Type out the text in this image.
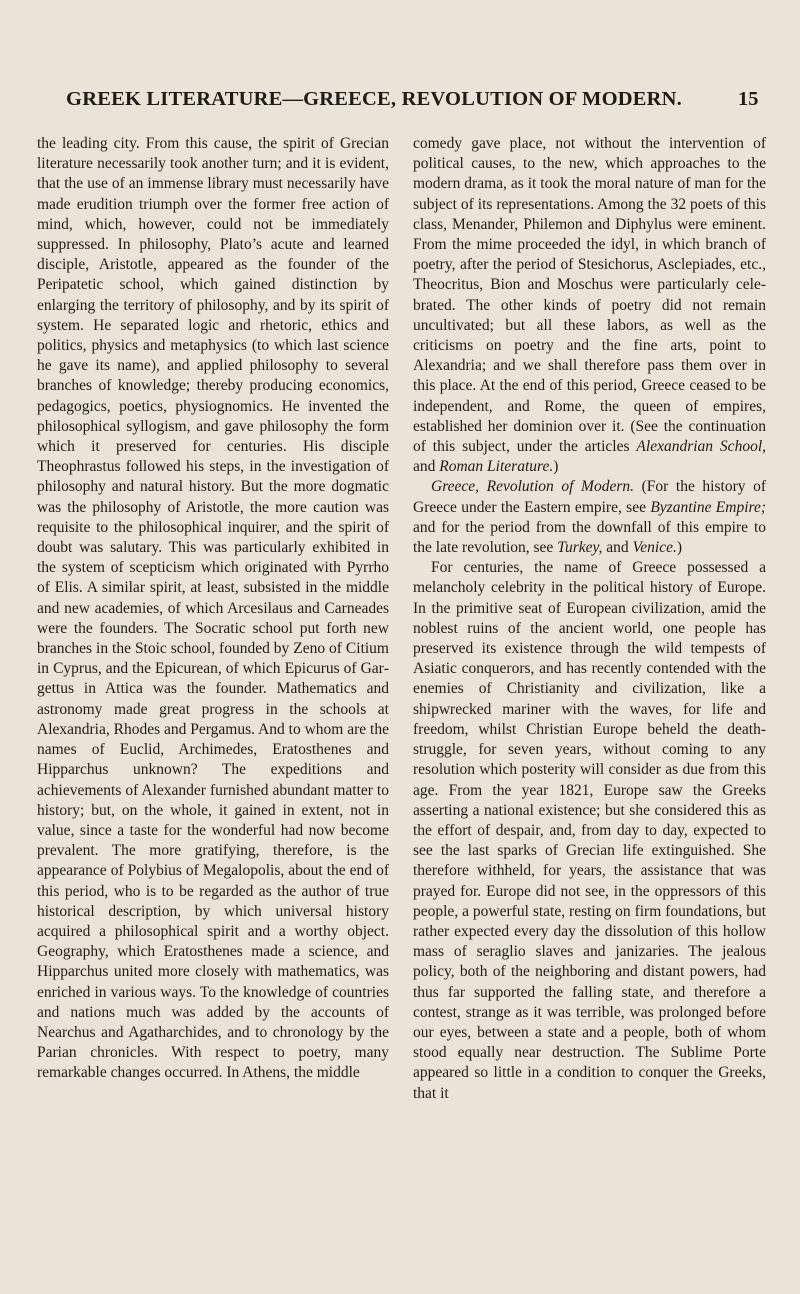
GREEK LITERATURE—GREECE, REVOLUTION OF MODERN.	15

the leading city. From this cause, the spirit of Grecian literature necessarily took another turn; and it is evident, that the use of an immense library must necessarily have made erudition triumph over the former free action of mind, which, however, could not be immediately suppressed. In philosophy, Plato’s acute and learned disciple, Aristotle, appeared as the founder of the Peripatetic school, which gained distinction by enlarging the territory of philosophy, and by its spirit of system. He separated logic and rhetoric, ethics and politics, physics and metaphysics (to which last science he gave its name), and applied philosophy to several branches of knowledge; thereby producing economics, pedagogics, poetics, physiognomics. He invented the philosophical syllogism, and gave philosophy the form which it preserved for centuries. His disciple Theophrastus followed his steps, in the investigation of philosophy and natural history. But the more dogmatic was the philosophy of Aristotle, the more caution was requisite to the philosophical inquirer, and the spirit of doubt was salutary. This was particularly exhibited in the system of scepticism which originated with Pyrrho of Elis. A similar spirit, at least, subsisted in the middle and new academies, of which Arcesilaus and Carneades were the founders. The Socratic school put forth new branches in the Stoic school, founded by Zeno of Citium in Cyprus, and the Epicurean, of which Epicurus of Gargettus in Attica was the founder. Mathematics and astronomy made great progress in the schools at Alexandria, Rhodes and Pergamus. And to whom are the names of Euclid, Archimedes, Eratosthenes and Hipparchus unknown? The expeditions and achievements of Alexander furnished abundant matter to history; but, on the whole, it gained in extent, not in value, since a taste for the wonderful had now become prevalent. The more gratifying, therefore, is the appearance of Polybius of Megalopolis, about the end of this period, who is to be regarded as the author of true historical description, by which universal history acquired a philosophical spirit and a worthy object. Geography, which Eratosthenes made a science, and Hipparchus united more closely with mathematics, was enriched in various ways. To the knowledge of countries and nations much was added by the accounts of Nearchus and Agatharchides, and to chronology by the Parian chronicles. With respect to poetry, many remarkable changes occurred. In Athens, the middle

comedy gave place, not without the intervention of political causes, to the new, which approaches to the modern drama, as it took the moral nature of man for the subject of its representations. Among the 32 poets of this class, Menander, Philemon and Diphylus were eminent. From the mime proceeded the idyl, in which branch of poetry, after the period of Stesichorus, Asclepiades, etc., Theocritus, Bion and Moschus were particularly celebrated. The other kinds of poetry did not remain uncultivated; but all these labors, as well as the criticisms on poetry and the fine arts, point to Alexandria; and we shall therefore pass them over in this place. At the end of this period, Greece ceased to be independent, and Rome, the queen of empires, established her dominion over it. (See the continuation of this subject, under the articles Alexandrian School, and Roman Literature.)

Greece, Revolution of Modern. (For the history of Greece under the Eastern empire, see Byzantine Empire; and for the period from the downfall of this empire to the late revolution, see Turkey, and Venice.)

For centuries, the name of Greece possessed a melancholy celebrity in the political history of Europe. In the primitive seat of European civilization, amid the noblest ruins of the ancient world, one people has preserved its existence through the wild tempests of Asiatic conquerors, and has recently contended with the enemies of Christianity and civilization, like a shipwrecked mariner with the waves, for life and freedom, whilst Christian Europe beheld the death-struggle, for seven years, without coming to any resolution which posterity will consider as due from this age. From the year 1821, Europe saw the Greeks asserting a national existence; but she considered this as the effort of despair, and, from day to day, expected to see the last sparks of Grecian life extinguished. She therefore withheld, for years, the assistance that was prayed for. Europe did not see, in the oppressors of this people, a powerful state, resting on firm foundations, but rather expected every day the dissolution of this hollow mass of seraglio slaves and janizaries. The jealous policy, both of the neighboring and distant powers, had thus far supported the falling state, and therefore a contest, strange as it was terrible, was prolonged before our eyes, between a state and a people, both of whom stood equally near destruction. The Sublime Porte appeared so little in a condition to conquer the Greeks, that it
